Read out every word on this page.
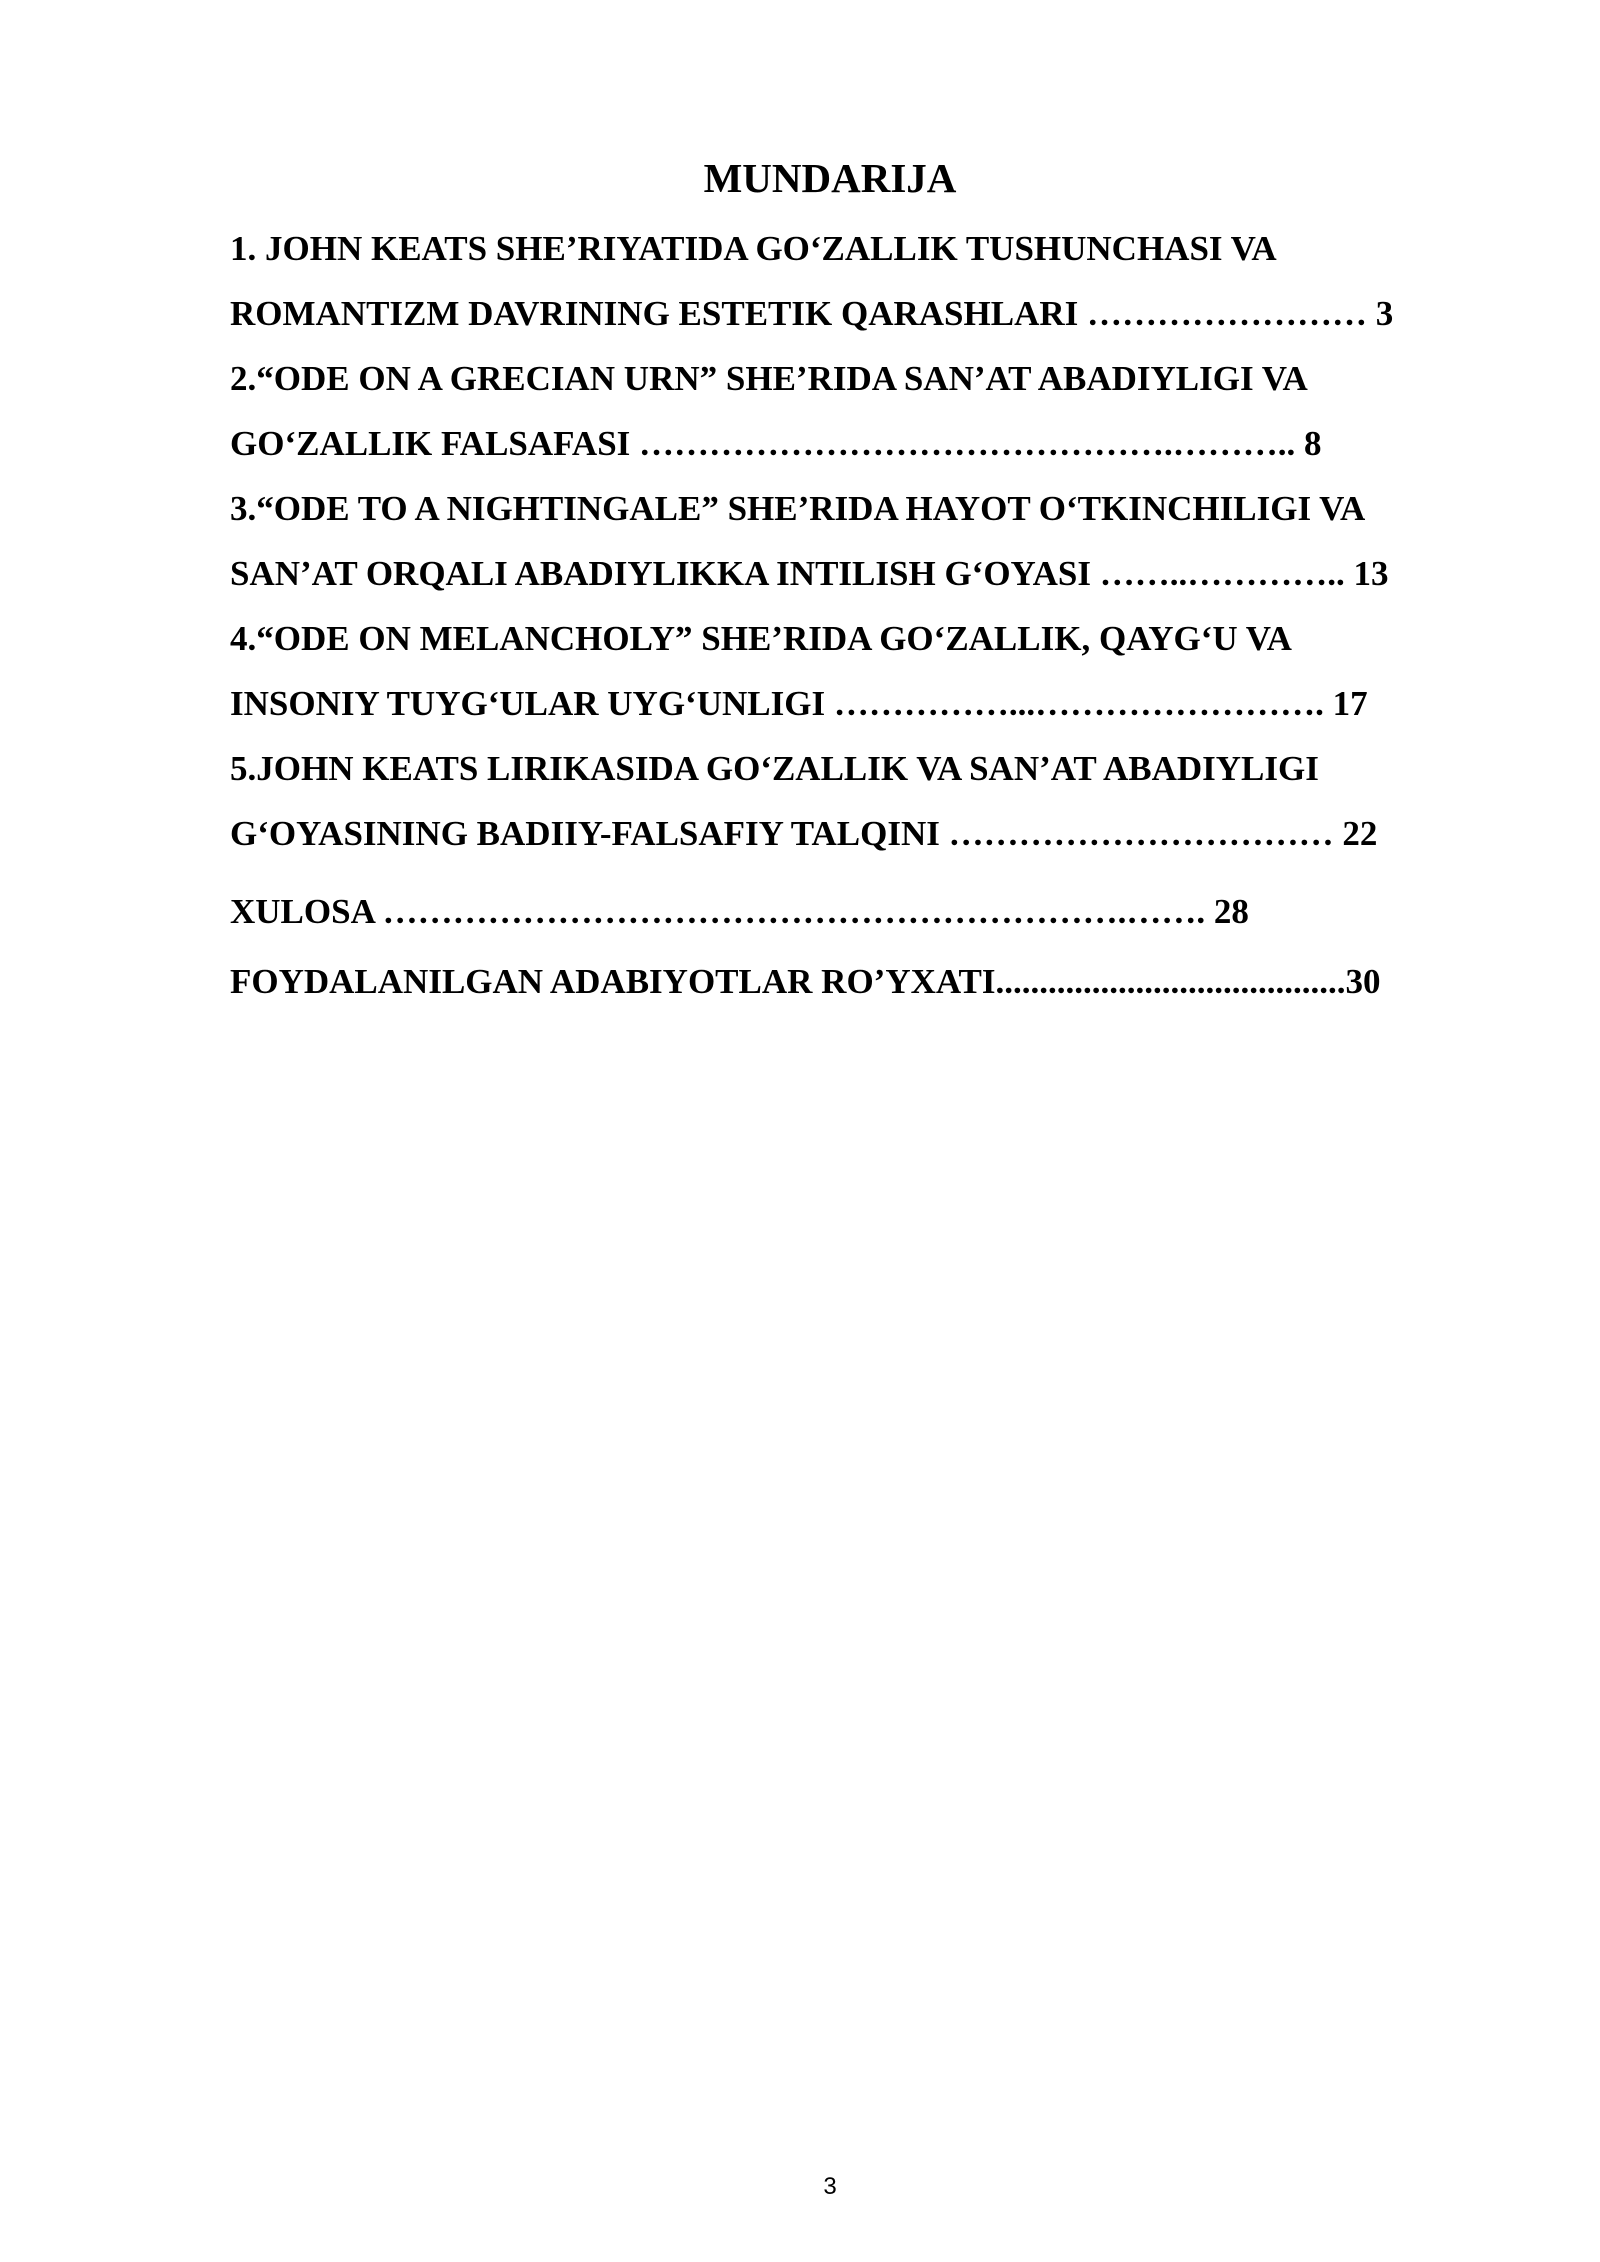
MUNDARIJA
1. JOHN KEATS SHE’RIYATIDA GO‘ZALLIK TUSHUNCHASI VA
ROMANTIZM DAVRINING ESTETIK QARASHLARI …………………… 3
2.“ODE ON A GRECIAN URN” SHE’RIDA SAN’AT ABADIYLIGI VA
GO‘ZALLIK FALSAFASI ……………………………………….……….. 8
3.“ODE TO A NIGHTINGALE” SHE’RIDA HAYOT O‘TKINCHILIGI VA
SAN’AT ORQALI ABADIYLIKKA INTILISH G‘OYASI ……..………….. 13
4.“ODE ON MELANCHOLY” SHE’RIDA GO‘ZALLIK, QAYG‘U VA
INSONIY TUYG‘ULAR UYG‘UNLIGI ……………...……………………. 17
5.JOHN KEATS LIRIKASIDA GO‘ZALLIK VA SAN’AT ABADIYLIGI
G‘OYASINING BADIIY-FALSAFIY TALQINI …………………………… 22
XULOSA ……………………………………………………….……. 28
FOYDALANILGAN ADABIYOTLAR RO’YXATI........................................30
3
